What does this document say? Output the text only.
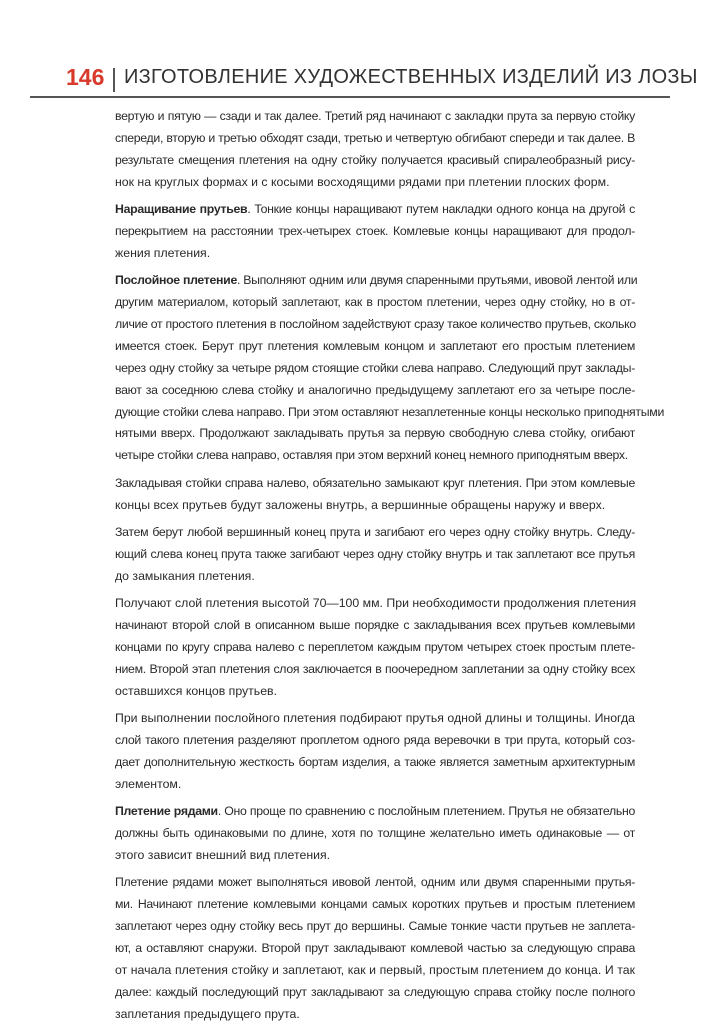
146 ИЗГОТОВЛЕНИЕ ХУДОЖЕСТВЕННЫХ ИЗДЕЛИЙ ИЗ ЛОЗЫ
вертую и пятую — сзади и так далее. Третий ряд начинают с закладки прута за первую стойку
спереди, вторую и третью обходят сзади, третью и четвертую обгибают спереди и так далее. В
результате смещения плетения на одну стойку получается красивый спиралеобразный рису-
нок на круглых формах и с косыми восходящими рядами при плетении плоских форм.
Наращивание прутьев. Тонкие концы наращивают путем накладки одного конца на другой с
перекрытием на расстоянии трех-четырех стоек. Комлевые концы наращивают для продол-
жения плетения.
Послойное плетение. Выполняют одним или двумя спаренными прутьями, ивовой лентой или
другим материалом, который заплетают, как в простом плетении, через одну стойку, но в от-
личие от простого плетения в послойном задействуют сразу такое количество прутьев, сколько
имеется стоек. Берут прут плетения комлевым концом и заплетают его простым плетением
через одну стойку за четыре рядом стоящие стойки слева направо. Следующий прут заклады-
вают за соседнюю слева стойку и аналогично предыдущему заплетают его за четыре после-
дующие стойки слева направо. При этом оставляют незаплетенные концы несколько приподнятыми
нятыми вверх. Продолжают закладывать прутья за первую свободную слева стойку, огибают
четыре стойки слева направо, оставляя при этом верхний конец немного приподнятым вверх.
Закладывая стойки справа налево, обязательно замыкают круг плетения. При этом комлевые
концы всех прутьев будут заложены внутрь, а вершинные обращены наружу и вверх.
Затем берут любой вершинный конец прута и загибают его через одну стойку внутрь. Следу-
ющий слева конец прута также загибают через одну стойку внутрь и так заплетают все прутья
до замыкания плетения.
Получают слой плетения высотой 70—100 мм. При необходимости продолжения плетения
начинают второй слой в описанном выше порядке с закладывания всех прутьев комлевыми
концами по кругу справа налево с переплетом каждым прутом четырех стоек простым плете-
нием. Второй этап плетения слоя заключается в поочередном заплетании за одну стойку всех
оставшихся концов прутьев.
При выполнении послойного плетения подбирают прутья одной длины и толщины. Иногда
слой такого плетения разделяют проплетом одного ряда веревочки в три прута, который соз-
дает дополнительную жесткость бортам изделия, а также является заметным архитектурным
элементом.
Плетение рядами. Оно проще по сравнению с послойным плетением. Прутья не обязательно
должны быть одинаковыми по длине, хотя по толщине желательно иметь одинаковые — от
этого зависит внешний вид плетения.
Плетение рядами может выполняться ивовой лентой, одним или двумя спаренными прутья-
ми. Начинают плетение комлевыми концами самых коротких прутьев и простым плетением
заплетают через одну стойку весь прут до вершины. Самые тонкие части прутьев не заплета-
ют, а оставляют снаружи. Второй прут закладывают комлевой частью за следующую справа
от начала плетения стойку и заплетают, как и первый, простым плетением до конца. И так
далее: каждый последующий прут закладывают за следующую справа стойку после полного
заплетания предыдущего прута.
